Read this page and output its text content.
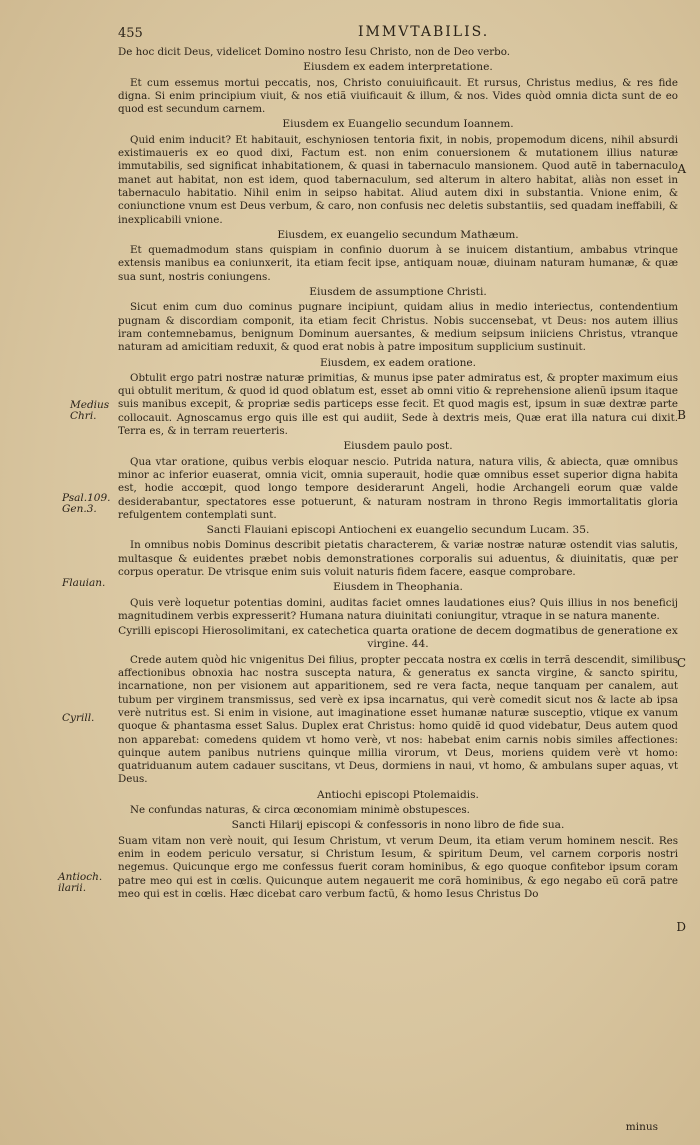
455	IMMVTABILIS.
Medius
Chri.
Psal.109.
Gen.3.
Flauian.
Cyrill.
Antioch.
ilarii.
A
B
C
D

De hoc dicit Deus, videlicet Domino nostro Iesu Christo, non de Deo verbo.

Eiusdem ex eadem interpretatione.

Et cum essemus mortui peccatis, nos, Christo conuiuificauit. Et rursus, Christus medius, & res fide digna. Si enim principium viuit, & nos etiã viuificauit & illum, & nos. Vides quòd omnia dicta sunt de eo quod est secundum carnem.

Eiusdem ex Euangelio secundum Ioannem.

Quid enim inducit? Et habitauit, eschyniosen tentoria fixit, in nobis, propemodum dicens, nihil absurdi existimaueris ex eo quod dixi, Factum est. non enim conuersionem & mutationem illius naturæ immutabilis, sed significat inhabitationem, & quasi in tabernaculo mansionem. Quod autẽ in tabernaculo manet aut habitat, non est idem, quod tabernaculum, sed alterum in altero habitat, aliàs non esset in tabernaculo habitatio. Nihil enim in seipso habitat. Aliud autem dixi in substantia. Vnione enim, & coniunctione vnum est Deus verbum, & caro, non confusis nec deletis substantiis, sed quadam ineffabili, & inexplicabili vnione.

Eiusdem, ex euangelio secundum Mathæum.

Et quemadmodum stans quispiam in confinio duorum à se inuicem distantium, ambabus vtrinque extensis manibus ea coniunxerit, ita etiam fecit ipse, antiquam nouæ, diuinam naturam humanæ, & quæ sua sunt, nostris coniungens.

Eiusdem de assumptione Christi.

Sicut enim cum duo cominus pugnare incipiunt, quidam alius in medio interiectus, contendentium pugnam & discordiam componit, ita etiam fecit Christus. Nobis succensebat, vt Deus: nos autem illius iram contemnebamus, benignum Dominum auersantes, & medium seipsum iniiciens Christus, vtranque naturam ad amicitiam reduxit, & quod erat nobis à patre impositum supplicium sustinuit.

Eiusdem, ex eadem oratione.

Obtulit ergo patri nostræ naturæ primitias, & munus ipse pater admiratus est, & propter maximum eius qui obtulit meritum, & quod id quod oblatum est, esset ab omni vitio & reprehensione alienũ ipsum itaque suis manibus excepit, & propriæ sedis particeps esse fecit. Et quod magis est, ipsum in suæ dextræ parte collocauit. Agnoscamus ergo quis ille est qui audiit, Sede à dextris meis, Quæ erat illa natura cui dixit. Terra es, & in terram reuerteris.

Eiusdem paulo post.

Qua vtar oratione, quibus verbis eloquar nescio. Putrida natura, natura vilis, & abiecta, quæ omnibus minor ac inferior euaserat, omnia vicit, omnia superauit, hodie quæ omnibus esset superior digna habita est, hodie accœpit, quod longo tempore desiderarunt Angeli, hodie Archangeli eorum quæ valde desiderabantur, spectatores esse potuerunt, & naturam nostram in throno Regis immortalitatis gloria refulgentem contemplati sunt.

Sancti Flauiani episcopi Antiocheni ex euangelio secundum Lucam. 35.

In omnibus nobis Dominus describit pietatis characterem, & variæ nostræ naturæ ostendit vias salutis, multasque & euidentes præbet nobis demonstrationes corporalis sui aduentus, & diuinitatis, quæ per corpus operatur. De vtrisque enim suis voluit naturis fidem facere, easque comprobare.

Eiusdem in Theophania.

Quis verè loquetur potentias domini, auditas faciet omnes laudationes eius? Quis illius in nos beneficij magnitudinem verbis expresserit? Humana natura diuinitati coniungitur, vtraque in se natura manente.

Cyrilli episcopi Hierosolimitani, ex catechetica quarta oratione de decem dogmatibus de generatione ex virgine. 44.

Crede autem quòd hic vnigenitus Dei filius, propter peccata nostra ex cœlis in terrã descendit, similibus affectionibus obnoxia hac nostra suscepta natura, & generatus ex sancta virgine, & sancto spiritu, incarnatione, non per visionem aut apparitionem, sed re vera facta, neque tanquam per canalem, aut tubum per virginem transmissus, sed verè ex ipsa incarnatus, qui verè comedit sicut nos & lacte ab ipsa verè nutritus est. Si enim in visione, aut imaginatione esset humanæ naturæ susceptio, vtique ex vanum quoque & phantasma esset Salus. Duplex erat Christus: homo quidẽ id quod videbatur, Deus autem quod non apparebat: comedens quidem vt homo verè, vt nos: habebat enim carnis nobis similes affectiones: quinque autem panibus nutriens quinque millia virorum, vt Deus, moriens quidem verè vt homo: quatriduanum autem cadauer suscitans, vt Deus, dormiens in naui, vt homo, & ambulans super aquas, vt Deus.

Antiochi episcopi Ptolemaidis.

Ne confundas naturas, & circa œconomiam minimè obstupesces.

Sancti Hilarij episcopi & confessoris in nono libro de fide sua.

Suam vitam non verè nouit, qui Iesum Christum, vt verum Deum, ita etiam verum hominem nescit. Res enim in eodem periculo versatur, si Christum Iesum, & spiritum Deum, vel carnem corporis nostri negemus. Quicunque ergo me confessus fuerit coram hominibus, & ego quoque confitebor ipsum coram patre meo qui est in cœlis. Quicunque autem negauerit me corã hominibus, & ego negabo eũ corã patre meo qui est in cœlis. Hæc dicebat caro verbum factũ, & homo Iesus Christus Do

minus
